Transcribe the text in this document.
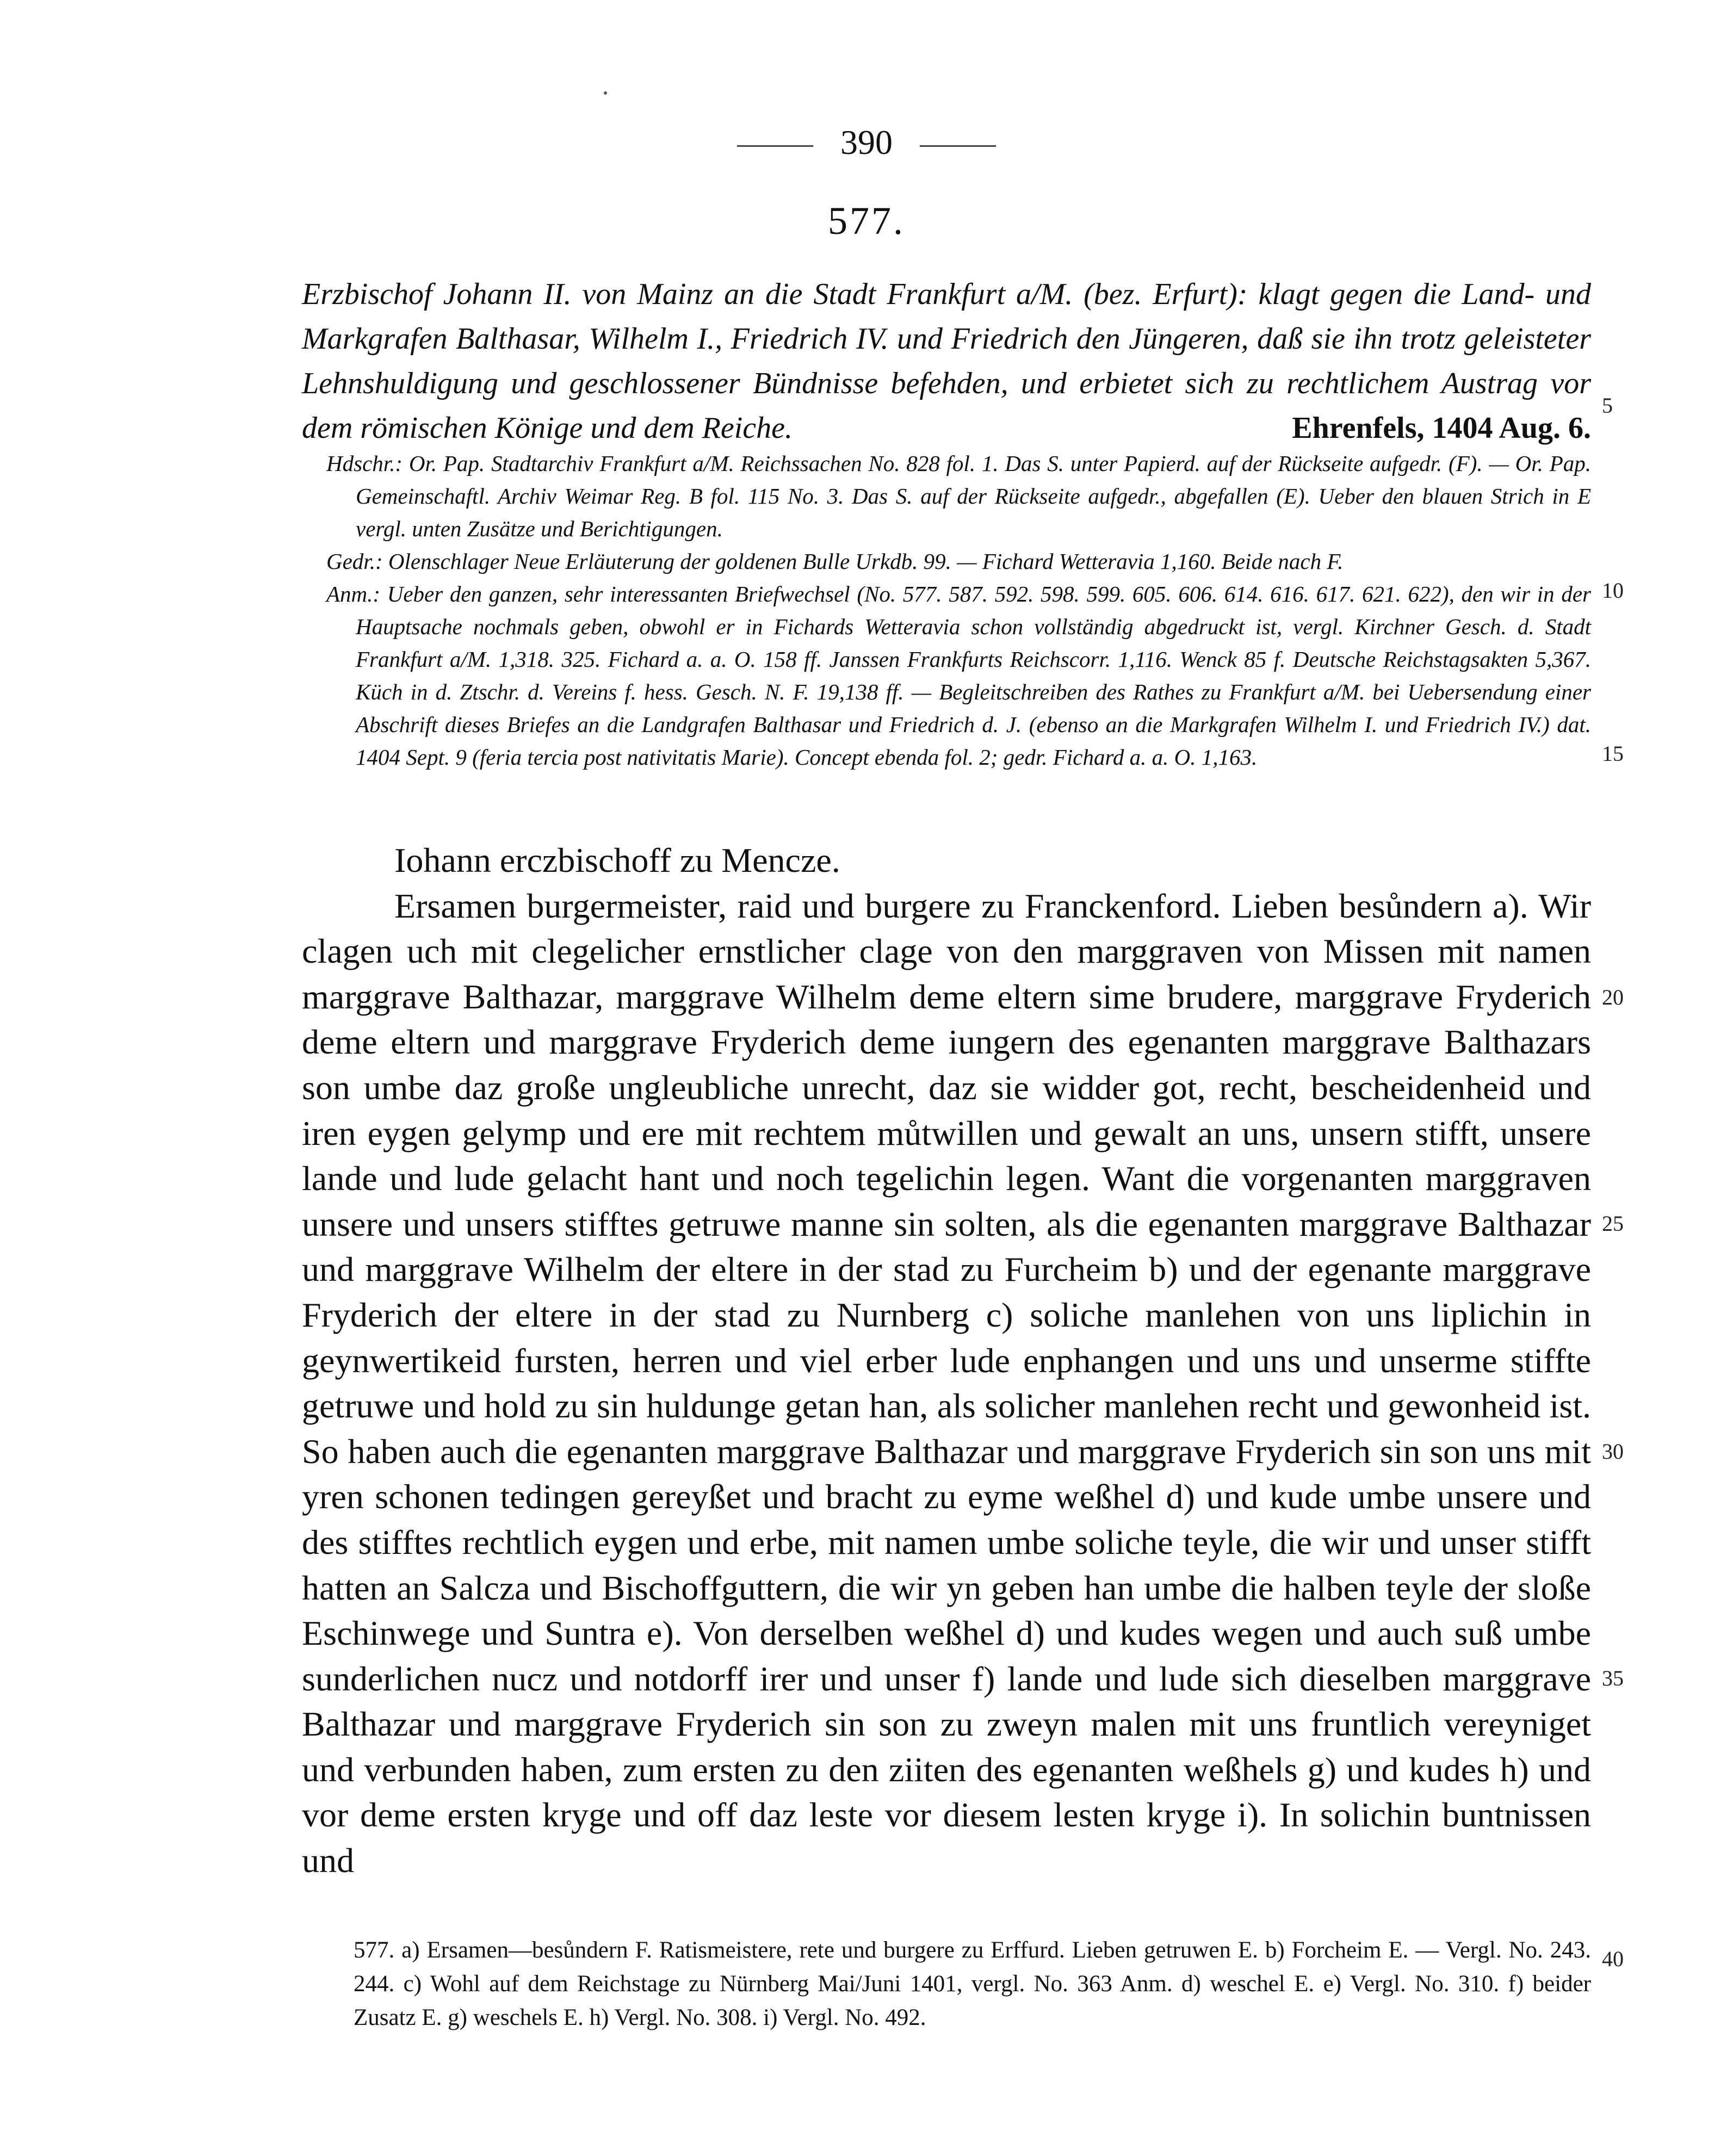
390
577.
Erzbischof Johann II. von Mainz an die Stadt Frankfurt a/M. (bez. Erfurt): klagt gegen die Land- und Markgrafen Balthasar, Wilhelm I., Friedrich IV. und Friedrich den Jüngeren, daß sie ihn trotz geleisteter Lehnshuldigung und geschlossener Bündnisse befehden, und erbietet sich zu rechtlichem Austrag vor dem römischen Könige und dem Reiche.	Ehrenfels, 1404 Aug. 6.

Hdschr.: Or. Pap. Stadtarchiv Frankfurt a/M. Reichssachen No. 828 fol. 1. Das S. unter Papierd. auf der Rückseite aufgedr. (F). — Or. Pap. Gemeinschaftl. Archiv Weimar Reg. B fol. 115 No. 3. Das S. auf der Rückseite aufgedr., abgefallen (E). Ueber den blauen Strich in E vergl. unten Zusätze und Berichtigungen.

Gedr.: Olenschlager Neue Erläuterung der goldenen Bulle Urkdb. 99. — Fichard Wetteravia 1,160. Beide nach F.

Anm.: Ueber den ganzen, sehr interessanten Briefwechsel (No. 577. 587. 592. 598. 599. 605. 606. 614. 616. 617. 621. 622), den wir in der Hauptsache nochmals geben, obwohl er in Fichards Wetteravia schon vollständig abgedruckt ist, vergl. Kirchner Gesch. d. Stadt Frankfurt a/M. 1,318. 325. Fichard a. a. O. 158 ff. Janssen Frankfurts Reichscorr. 1,116. Wenck 85 f. Deutsche Reichstagsakten 5,367. Küch in d. Ztschr. d. Vereins f. hess. Gesch. N. F. 19,138 ff. — Begleitschreiben des Rathes zu Frankfurt a/M. bei Uebersendung einer Abschrift dieses Briefes an die Landgrafen Balthasar und Friedrich d. J. (ebenso an die Markgrafen Wilhelm I. und Friedrich IV.) dat. 1404 Sept. 9 (feria tercia post nativitatis Marie). Concept ebenda fol. 2; gedr. Fichard a. a. O. 1,163.

Iohann erczbischoff zu Mencze.

Ersamen burgermeister, raid und burgere zu Franckenford. Lieben besůndern a). Wir clagen uch mit clegelicher ernstlicher clage von den marggraven von Missen mit namen marggrave Balthazar, marggrave Wilhelm deme eltern sime brudere, marggrave Fryderich deme eltern und marggrave Fryderich deme iungern des egenanten marggrave Balthazars son umbe daz große ungleubliche unrecht, daz sie widder got, recht, bescheidenheid und iren eygen gelymp und ere mit rechtem můtwillen und gewalt an uns, unsern stifft, unsere lande und lude gelacht hant und noch tegelichin legen. Want die vorgenanten marggraven unsere und unsers stifftes getruwe manne sin solten, als die egenanten marggrave Balthazar und marggrave Wilhelm der eltere in der stad zu Furcheim b) und der egenante marggrave Fryderich der eltere in der stad zu Nurnberg c) soliche manlehen von uns liplichin in geynwertikeid fursten, herren und viel erber lude enphangen und uns und unserme stiffte getruwe und hold zu sin huldunge getan han, als solicher manlehen recht und gewonheid ist. So haben auch die egenanten marggrave Balthazar und marggrave Fryderich sin son uns mit yren schonen tedingen gereyßet und bracht zu eyme weßhel d) und kude umbe unsere und des stifftes rechtlich eygen und erbe, mit namen umbe soliche teyle, die wir und unser stifft hatten an Salcza und Bischoffguttern, die wir yn geben han umbe die halben teyle der sloße Eschinwege und Suntra e). Von derselben weßhel d) und kudes wegen und auch suß umbe sunderlichen nucz und notdorff irer und unser f) lande und lude sich dieselben marggrave Balthazar und marggrave Fryderich sin son zu zweyn malen mit uns fruntlich vereyniget und verbunden haben, zum ersten zu den ziiten des egenanten weßhels g) und kudes h) und vor deme ersten kryge und off daz leste vor diesem lesten kryge i). In solichin buntnissen und

577. a) Ersamen—besůndern F. Ratismeistere, rete und burgere zu Erffurd. Lieben getruwen E. b) Forcheim E. — Vergl. No. 243. 244. c) Wohl auf dem Reichstage zu Nürnberg Mai/Juni 1401, vergl. No. 363 Anm. d) weschel E. e) Vergl. No. 310. f) beider Zusatz E. g) weschels E. h) Vergl. No. 308. i) Vergl. No. 492.

5
10
15
20
25
30
35
40
